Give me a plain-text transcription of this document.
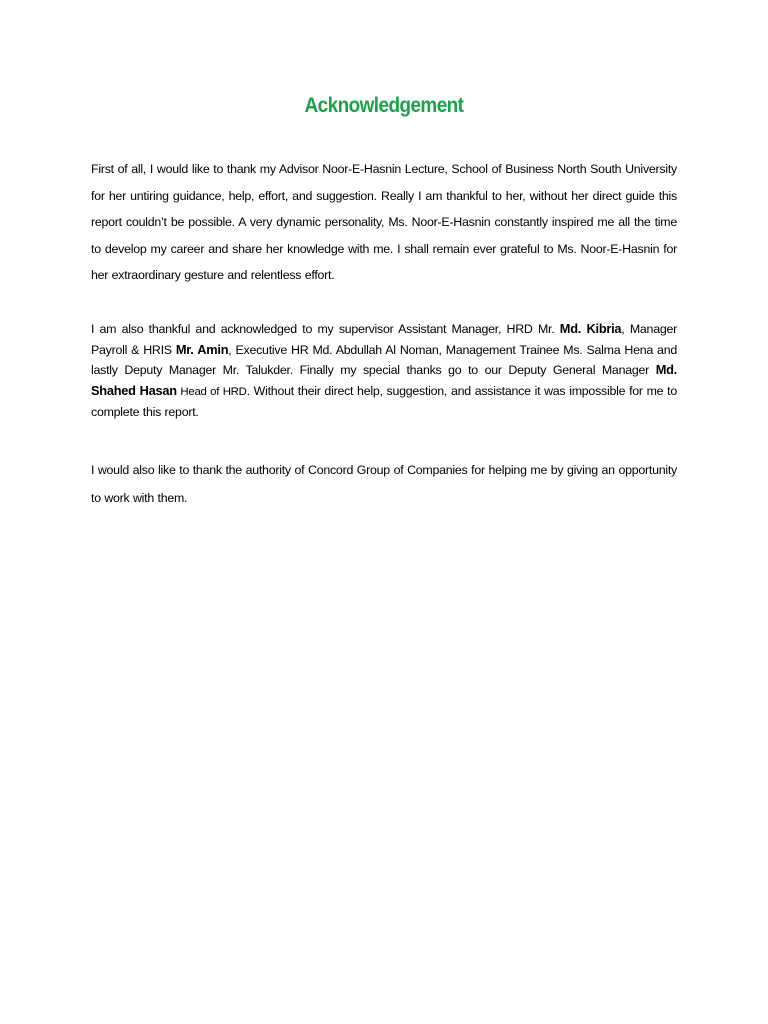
Acknowledgement

First of all, I would like to thank my Advisor Noor-E-Hasnin Lecture, School of Business North South University for her untiring guidance, help, effort, and suggestion. Really I am thankful to her, without her direct guide this report couldn’t be possible. A very dynamic personality, Ms. Noor-E-Hasnin constantly inspired me all the time to develop my career and share her knowledge with me. I shall remain ever grateful to Ms. Noor-E-Hasnin for her extraordinary gesture and relentless effort.

I am also thankful and acknowledged to my supervisor Assistant Manager, HRD Mr. Md. Kibria, Manager Payroll & HRIS Mr. Amin, Executive HR Md. Abdullah Al Noman, Management Trainee Ms. Salma Hena and lastly Deputy Manager Mr. Talukder. Finally my special thanks go to our Deputy General Manager Md. Shahed Hasan Head of HRD. Without their direct help, suggestion, and assistance it was impossible for me to complete this report.

I would also like to thank the authority of Concord Group of Companies for helping me by giving an opportunity to work with them.
